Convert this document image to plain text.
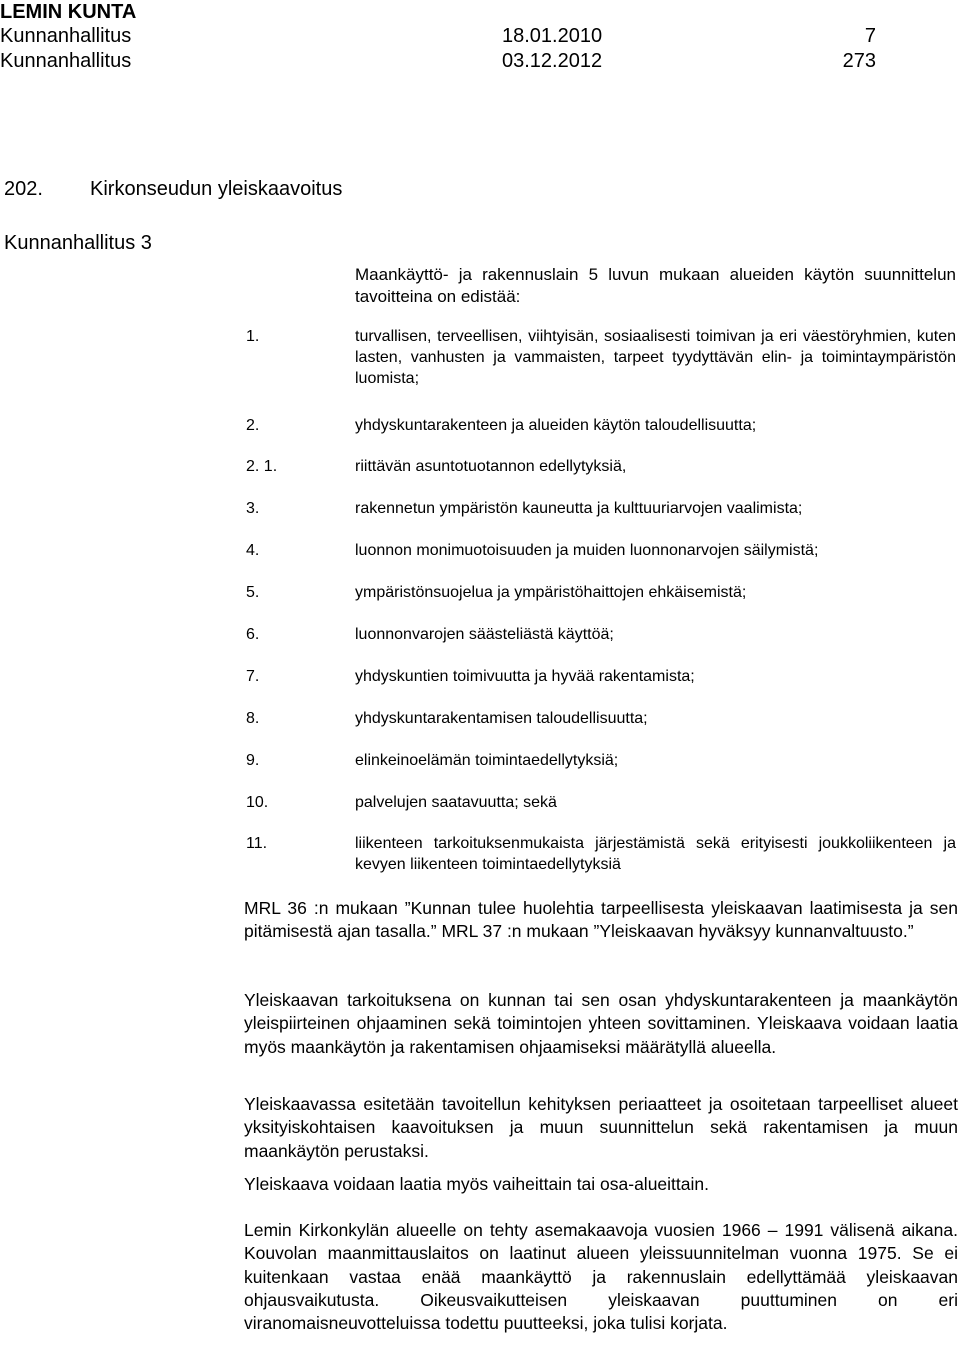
LEMIN KUNTA
Kunnanhallitus	18.01.2010	7
Kunnanhallitus	03.12.2012	273
202. Kirkonseudun yleiskaavoitus
Kunnanhallitus 3
Maankäyttö- ja rakennuslain 5 luvun mukaan alueiden käytön suunnittelun tavoitteina on edistää:
1.	turvallisen, terveellisen, viihtyisän, sosiaalisesti toimivan ja eri väestöryhmien, kuten lasten, vanhusten ja vammaisten, tarpeet tyydyttävän elin- ja toimintaympäristön luomista;
2.	yhdyskuntarakenteen ja alueiden käytön taloudellisuutta;
2. 1.	riittävän asuntotuotannon edellytyksiä,
3.	rakennetun ympäristön kauneutta ja kulttuuriarvojen vaalimista;
4.	luonnon monimuotoisuuden ja muiden luonnonarvojen säilymistä;
5.	ympäristönsuojelua ja ympäristöhaittojen ehkäisemistä;
6.	luonnonvarojen säästeliästä käyttöä;
7.	yhdyskuntien toimivuutta ja hyvää rakentamista;
8.	yhdyskuntarakentamisen taloudellisuutta;
9.	elinkeinoelämän toimintaedellytyksiä;
10.	palvelujen saatavuutta; sekä
11.	liikenteen tarkoituksenmukaista järjestämistä sekä erityisesti joukkoliikenteen ja kevyen liikenteen toimintaedellytyksiä
MRL 36 :n mukaan ”Kunnan tulee huolehtia tarpeellisesta yleiskaavan laatimisesta ja sen pitämisestä ajan tasalla.” MRL 37 :n mukaan ”Yleiskaavan hyväksyy kunnanvaltuusto.”
Yleiskaavan tarkoituksena on kunnan tai sen osan yhdyskuntarakenteen ja maankäytön yleispiirteinen ohjaaminen sekä toimintojen yhteen sovittaminen. Yleiskaava voidaan laatia myös maankäytön ja rakentamisen ohjaamiseksi määrätyllä alueella.
Yleiskaavassa esitetään tavoitellun kehityksen periaatteet ja osoitetaan tarpeelliset alueet yksityiskohtaisen kaavoituksen ja muun suunnittelun sekä rakentamisen ja muun maankäytön perustaksi.
Yleiskaava voidaan laatia myös vaiheittain tai osa-alueittain.
Lemin Kirkonkylän alueelle on tehty asemakaavoja vuosien 1966 – 1991 välisenä aikana. Kouvolan maanmittauslaitos on laatinut alueen yleissuunnitelman vuonna 1975. Se ei kuitenkaan vastaa enää maankäyttö ja rakennuslain edellyttämää yleiskaavan ohjausvaikutusta. Oikeusvaikutteisen yleiskaavan puuttuminen on eri viranomaisneuvotteluissa todettu puutteeksi, joka tulisi korjata.
